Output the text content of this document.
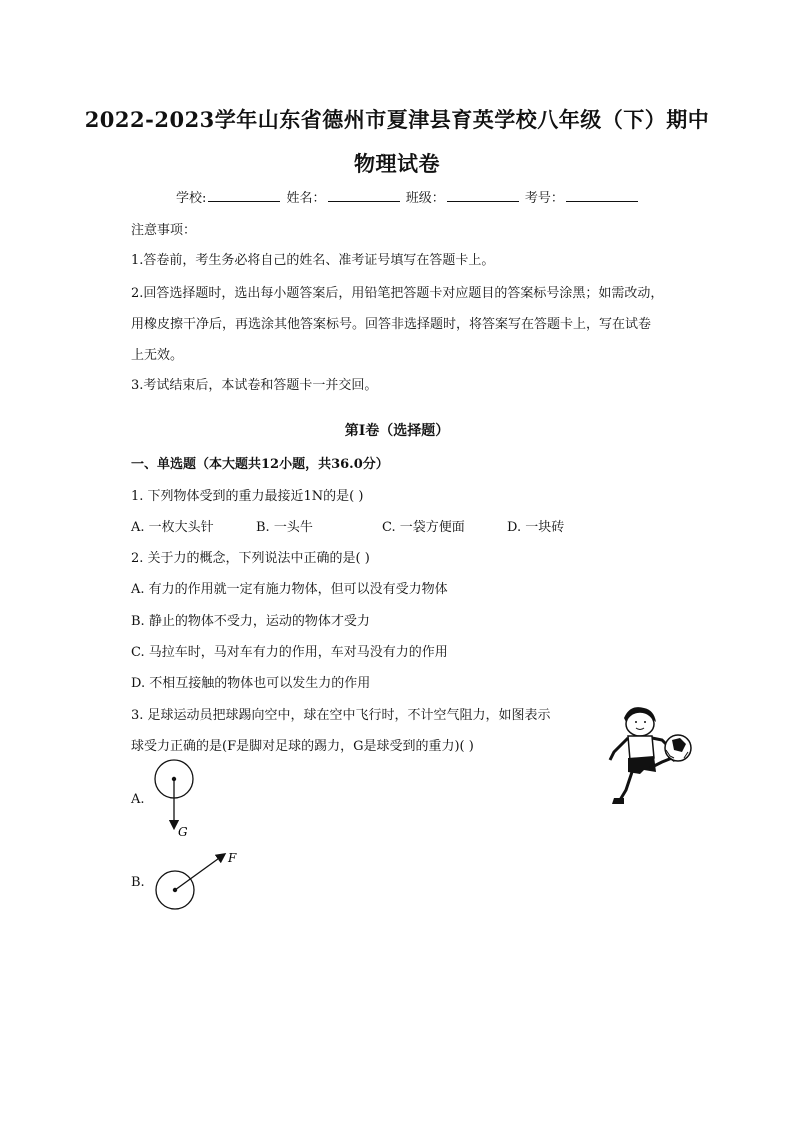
2022-2023学年山东省德州市夏津县育英学校八年级（下）期中
物理试卷
学校:	姓名：	班级：	考号：
注意事项：
1.答卷前，考生务必将自己的姓名、准考证号填写在答题卡上。
2.回答选择题时，选出每小题答案后，用铅笔把答题卡对应题目的答案标号涂黑；如需改动，
用橡皮擦干净后，再选涂其他答案标号。回答非选择题时，将答案写在答题卡上，写在试卷
上无效。
3.考试结束后，本试卷和答题卡一并交回。
第I卷（选择题）
一、单选题（本大题共12小题，共36.0分）
1. 下列物体受到的重力最接近1N的是( )
A. 一枚大头针	B. 一头牛	C. 一袋方便面	D. 一块砖
2. 关于力的概念，下列说法中正确的是( )
A. 有力的作用就一定有施力物体，但可以没有受力物体
B. 静止的物体不受力，运动的物体才受力
C. 马拉车时，马对车有力的作用，车对马没有力的作用
D. 不相互接触的物体也可以发生力的作用
3. 足球运动员把球踢向空中，球在空中飞行时，不计空气阻力，如图表示
球受力正确的是(F是脚对足球的踢力，G是球受到的重力)( )
A.
G
B.
F
